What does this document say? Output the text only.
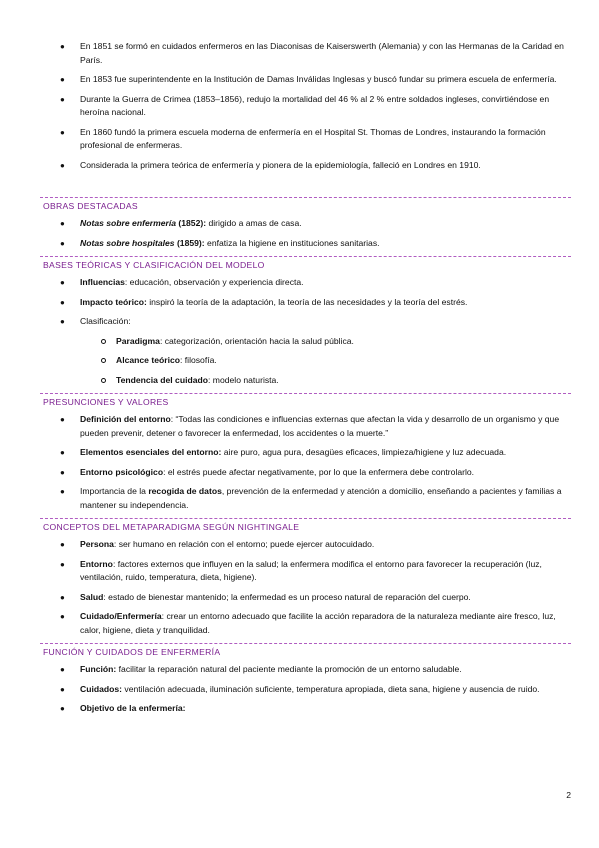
● En 1851 se formó en cuidados enfermeros en las Diaconisas de Kaiserswerth (Alemania) y con las Hermanas de la Caridad en París.
● En 1853 fue superintendente en la Institución de Damas Inválidas Inglesas y buscó fundar su primera escuela de enfermería.
● Durante la Guerra de Crimea (1853–1856), redujo la mortalidad del 46 % al 2 % entre soldados ingleses, convirtiéndose en heroína nacional.
● En 1860 fundó la primera escuela moderna de enfermería en el Hospital St. Thomas de Londres, instaurando la formación profesional de enfermeras.
● Considerada la primera teórica de enfermería y pionera de la epidemiología, falleció en Londres en 1910.
OBRAS DESTACADAS
● Notas sobre enfermería (1852): dirigido a amas de casa.
● Notas sobre hospitales (1859): enfatiza la higiene en instituciones sanitarias.
BASES TEÓRICAS Y CLASIFICACIÓN DEL MODELO
● Influencias: educación, observación y experiencia directa.
● Impacto teórico: inspiró la teoría de la adaptación, la teoría de las necesidades y la teoría del estrés.
● Clasificación:
Paradigma: categorización, orientación hacia la salud pública.
Alcance teórico: filosofía.
Tendencia del cuidado: modelo naturista.
PRESUNCIONES Y VALORES
● Definición del entorno: “Todas las condiciones e influencias externas que afectan la vida y desarrollo de un organismo y que pueden prevenir, detener o favorecer la enfermedad, los accidentes o la muerte.”
● Elementos esenciales del entorno: aire puro, agua pura, desagües eficaces, limpieza/higiene y luz adecuada.
● Entorno psicológico: el estrés puede afectar negativamente, por lo que la enfermera debe controlarlo.
● Importancia de la recogida de datos, prevención de la enfermedad y atención a domicilio, enseñando a pacientes y familias a mantener su independencia.
CONCEPTOS DEL METAPARADIGMA SEGÚN NIGHTINGALE
● Persona: ser humano en relación con el entorno; puede ejercer autocuidado.
● Entorno: factores externos que influyen en la salud; la enfermera modifica el entorno para favorecer la recuperación (luz, ventilación, ruido, temperatura, dieta, higiene).
● Salud: estado de bienestar mantenido; la enfermedad es un proceso natural de reparación del cuerpo.
● Cuidado/Enfermería: crear un entorno adecuado que facilite la acción reparadora de la naturaleza mediante aire fresco, luz, calor, higiene, dieta y tranquilidad.
FUNCIÓN Y CUIDADOS DE ENFERMERÍA
● Función: facilitar la reparación natural del paciente mediante la promoción de un entorno saludable.
● Cuidados: ventilación adecuada, iluminación suficiente, temperatura apropiada, dieta sana, higiene y ausencia de ruido.
● Objetivo de la enfermería:
2
